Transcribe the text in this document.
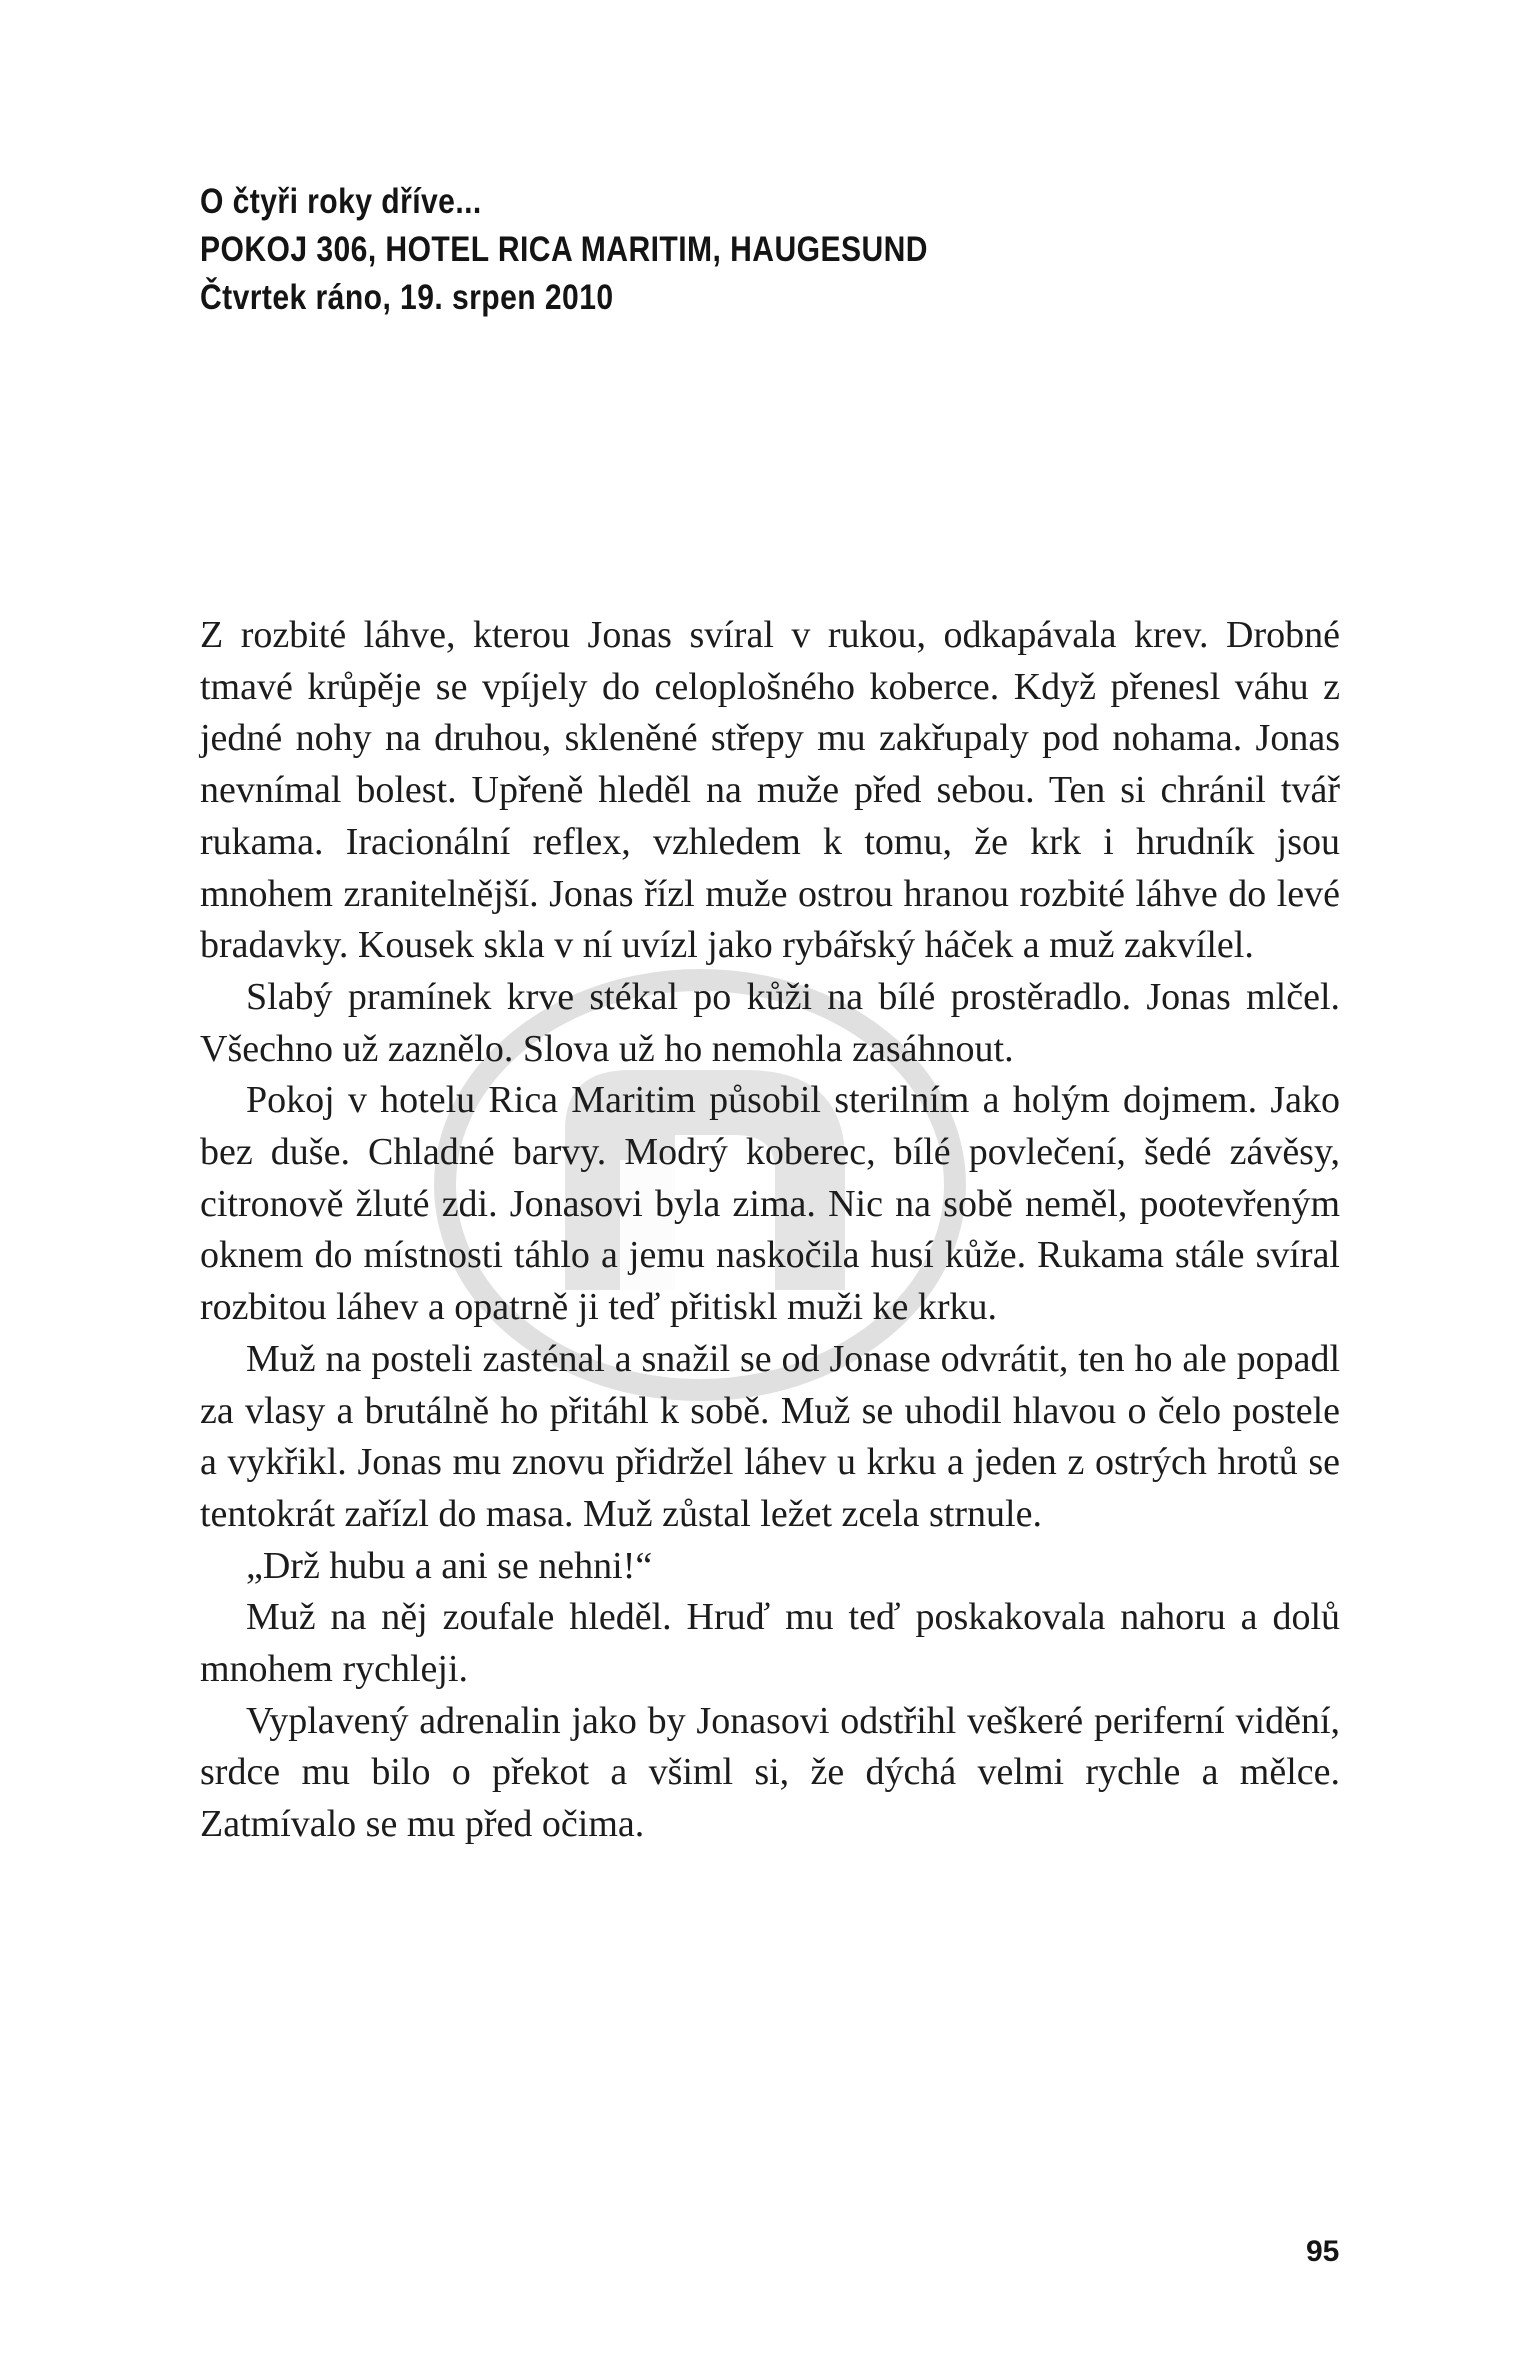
O čtyři roky dříve...
POKOJ 306, HOTEL RICA MARITIM, HAUGESUND
Čtvrtek ráno, 19. srpen 2010

Z rozbité láhve, kterou Jonas svíral v rukou, odkapávala krev. Drobné tmavé krůpěje se vpíjely do celoplošného koberce. Když přenesl váhu z jedné nohy na druhou, skleněné střepy mu zakřupaly pod nohama. Jonas nevnímal bolest. Upřeně hleděl na muže před sebou. Ten si chránil tvář rukama. Iracionální reflex, vzhledem k tomu, že krk i hrudník jsou mnohem zranitelnější. Jonas řízl muže ostrou hranou rozbité láhve do levé bradavky. Kousek skla v ní uvízl jako rybářský háček a muž zakvílel.

Slabý pramínek krve stékal po kůži na bílé prostěradlo. Jonas mlčel. Všechno už zaznělo. Slova už ho nemohla zasáhnout.

Pokoj v hotelu Rica Maritim působil sterilním a holým dojmem. Jako bez duše. Chladné barvy. Modrý koberec, bílé povlečení, šedé závěsy, citronově žluté zdi. Jonasovi byla zima. Nic na sobě neměl, pootevřeným oknem do místnosti táhlo a jemu naskočila husí kůže. Rukama stále svíral rozbitou láhev a opatrně ji teď přitiskl muži ke krku.

Muž na posteli zasténal a snažil se od Jonase odvrátit, ten ho ale popadl za vlasy a brutálně ho přitáhl k sobě. Muž se uhodil hlavou o čelo postele a vykřikl. Jonas mu znovu přidržel láhev u krku a jeden z ostrých hrotů se tentokrát zařízl do masa. Muž zůstal ležet zcela strnule.

„Drž hubu a ani se nehni!“

Muž na něj zoufale hleděl. Hruď mu teď poskakovala nahoru a dolů mnohem rychleji.

Vyplavený adrenalin jako by Jonasovi odstřihl veškeré periferní vidění, srdce mu bilo o překot a všiml si, že dýchá velmi rychle a mělce. Zatmívalo se mu před očima.

95
